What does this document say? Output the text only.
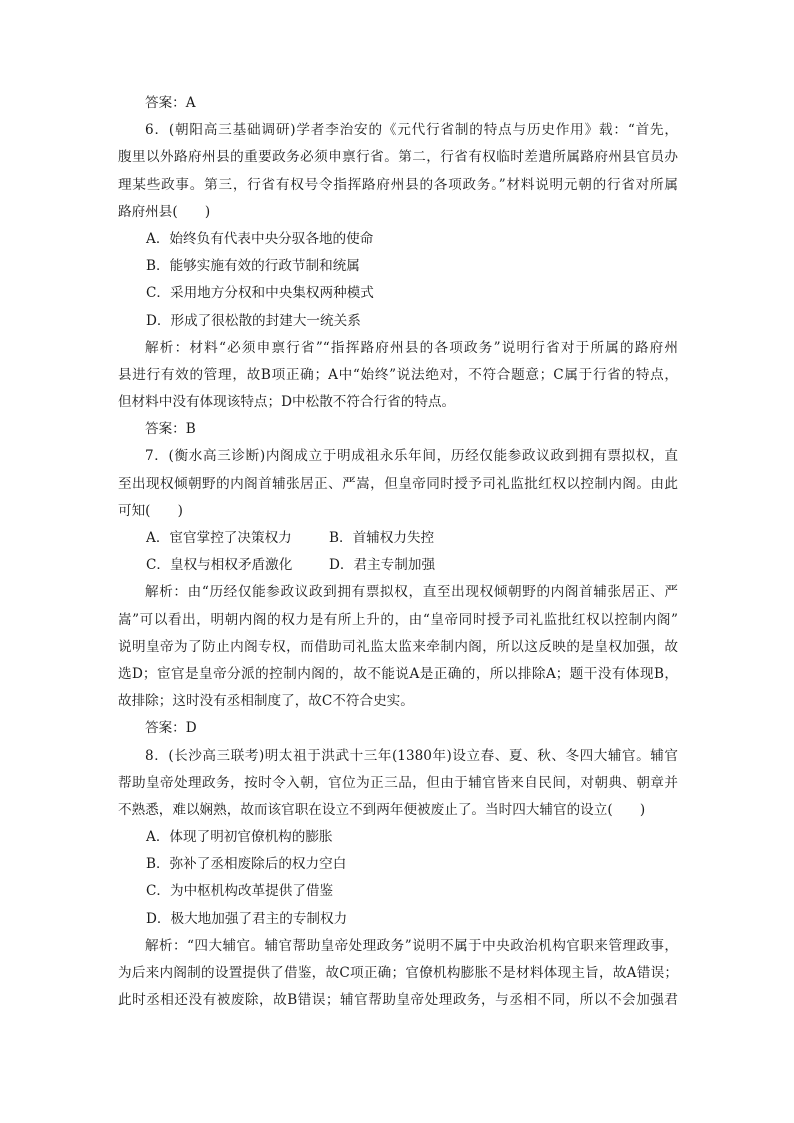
答案：A
6．(朝阳高三基础调研)学者李治安的《元代行省制的特点与历史作用》载：“首先，
腹里以外路府州县的重要政务必须申禀行省。第二，行省有权临时差遣所属路府州县官员办
理某些政事。第三，行省有权号令指挥路府州县的各项政务。”材料说明元朝的行省对所属
路府州县(　　)
A．始终负有代表中央分驭各地的使命
B．能够实施有效的行政节制和统属
C．采用地方分权和中央集权两种模式
D．形成了很松散的封建大一统关系
解析：材料“必须申禀行省”“指挥路府州县的各项政务”说明行省对于所属的路府州
县进行有效的管理，故B项正确；A中“始终”说法绝对，不符合题意；C属于行省的特点，
但材料中没有体现该特点；D中松散不符合行省的特点。
答案：B
7．(衡水高三诊断)内阁成立于明成祖永乐年间，历经仅能参政议政到拥有票拟权，直
至出现权倾朝野的内阁首辅张居正、严嵩，但皇帝同时授予司礼监批红权以控制内阁。由此
可知(　　)
A．宦官掌控了决策权力	B．首辅权力失控
C．皇权与相权矛盾激化	D．君主专制加强
解析：由“历经仅能参政议政到拥有票拟权，直至出现权倾朝野的内阁首辅张居正、严
嵩”可以看出，明朝内阁的权力是有所上升的，由“皇帝同时授予司礼监批红权以控制内阁”
说明皇帝为了防止内阁专权，而借助司礼监太监来牵制内阁，所以这反映的是皇权加强，故
选D；宦官是皇帝分派的控制内阁的，故不能说A是正确的，所以排除A；题干没有体现B，
故排除；这时没有丞相制度了，故C不符合史实。
答案：D
8．(长沙高三联考)明太祖于洪武十三年(1380年)设立春、夏、秋、冬四大辅官。辅官
帮助皇帝处理政务，按时令入朝，官位为正三品，但由于辅官皆来自民间，对朝典、朝章并
不熟悉，难以娴熟，故而该官职在设立不到两年便被废止了。当时四大辅官的设立(　　)
A．体现了明初官僚机构的膨胀
B．弥补了丞相废除后的权力空白
C．为中枢机构改革提供了借鉴
D．极大地加强了君主的专制权力
解析：“四大辅官。辅官帮助皇帝处理政务”说明不属于中央政治机构官职来管理政事，
为后来内阁制的设置提供了借鉴，故C项正确；官僚机构膨胀不是材料体现主旨，故A错误；
此时丞相还没有被废除，故B错误；辅官帮助皇帝处理政务，与丞相不同，所以不会加强君
